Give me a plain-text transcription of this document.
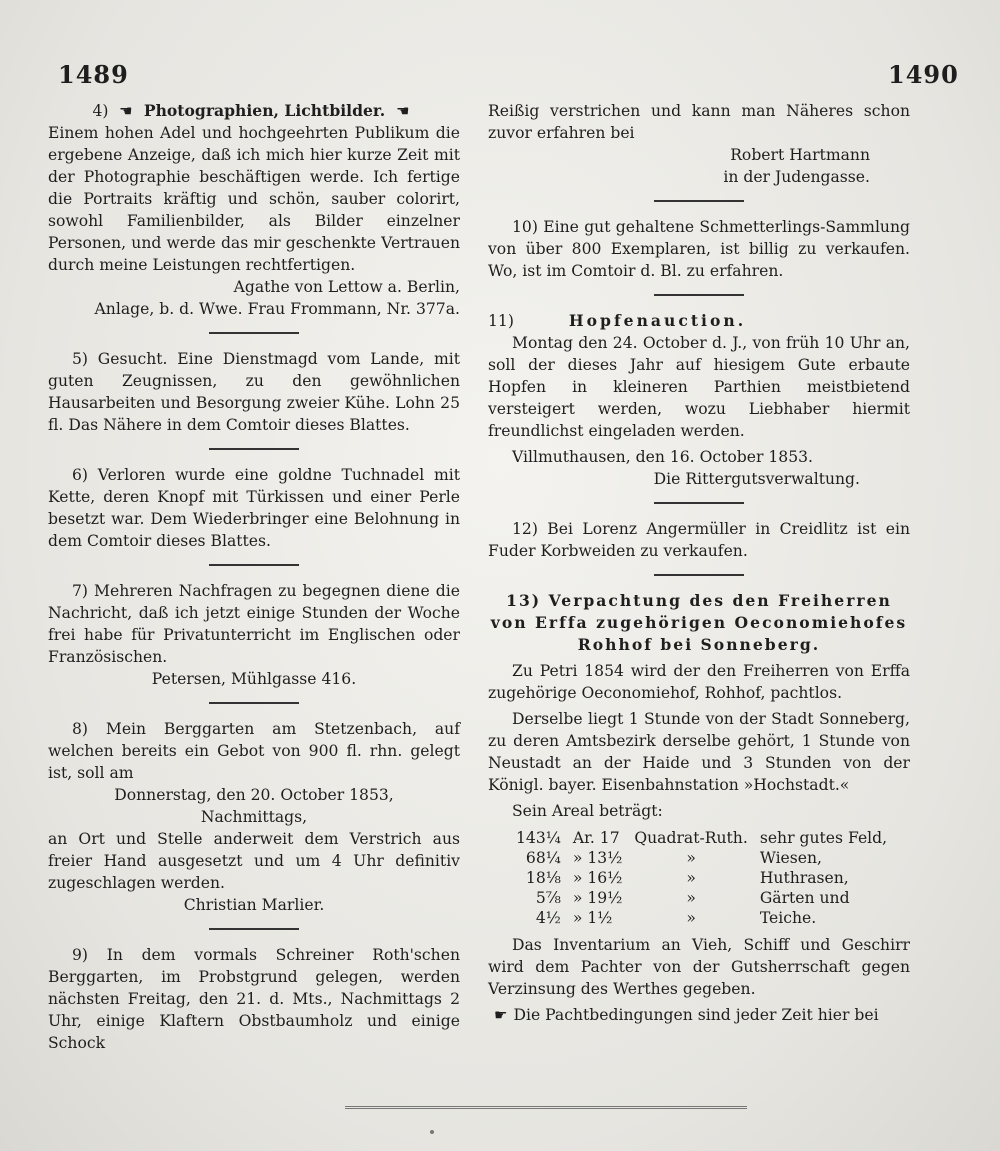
1489	1490
4) ☛ Photographien, Lichtbilder. ☛

Einem hohen Adel und hochgeehrten Publikum die ergebene Anzeige, daß ich mich hier kurze Zeit mit der Photographie beschäftigen werde. Ich fertige die Portraits kräftig und schön, sauber colorirt, sowohl Familienbilder, als Bilder einzelner Personen, und werde das mir geschenkte Vertrauen durch meine Leistungen rechtfertigen.

Agathe von Lettow a. Berlin,

Anlage, b. d. Wwe. Frau Frommann, Nr. 377a.

5) Gesucht. Eine Dienstmagd vom Lande, mit guten Zeugnissen, zu den gewöhnlichen Hausarbeiten und Besorgung zweier Kühe. Lohn 25 fl. Das Nähere in dem Comtoir dieses Blattes.

6) Verloren wurde eine goldne Tuchnadel mit Kette, deren Knopf mit Türkissen und einer Perle besetzt war. Dem Wiederbringer eine Belohnung in dem Comtoir dieses Blattes.

7) Mehreren Nachfragen zu begegnen diene die Nachricht, daß ich jetzt einige Stunden der Woche frei habe für Privatunterricht im Englischen oder Französischen.

Petersen, Mühlgasse 416.

8) Mein Berggarten am Stetzenbach, auf welchen bereits ein Gebot von 900 fl. rhn. gelegt ist, soll am

Donnerstag, den 20. October 1853,

Nachmittags,

an Ort und Stelle anderweit dem Verstrich aus freier Hand ausgesetzt und um 4 Uhr definitiv zugeschlagen werden.

Christian Marlier.

9) In dem vormals Schreiner Roth'schen Berggarten, im Probstgrund gelegen, werden nächsten Freitag, den 21. d. Mts., Nachmittags 2 Uhr, einige Klaftern Obstbaumholz und einige Schock

Reißig verstrichen und kann man Näheres schon zuvor erfahren bei

Robert Hartmann

in der Judengasse.

10) Eine gut gehaltene Schmetterlings-Sammlung von über 800 Exemplaren, ist billig zu verkaufen. Wo, ist im Comtoir d. Bl. zu erfahren.

11)	Hopfenauction.

Montag den 24. October d. J., von früh 10 Uhr an, soll der dieses Jahr auf hiesigem Gute erbaute Hopfen in kleineren Parthien meistbietend versteigert werden, wozu Liebhaber hiermit freundlichst eingeladen werden.

Villmuthausen, den 16. October 1853.

Die Rittergutsverwaltung.

12) Bei Lorenz Angermüller in Creidlitz ist ein Fuder Korbweiden zu verkaufen.

13) Verpachtung des den Freiherren von Erffa zugehörigen Oeconomiehofes Rohhof bei Sonneberg.

Zu Petri 1854 wird der den Freiherren von Erffa zugehörige Oeconomiehof, Rohhof, pachtlos.

Derselbe liegt 1 Stunde von der Stadt Sonneberg, zu deren Amtsbezirk derselbe gehört, 1 Stunde von Neustadt an der Haide und 3 Stunden von der Königl. bayer. Eisenbahnstation »Hochstadt.«

Sein Areal beträgt:

143¼	Ar. 17	Quadrat-Ruth.	sehr gutes Feld,
68¼	» 13½	»	Wiesen,
18⅛	» 16½	»	Huthrasen,
5⅞	» 19½	»	Gärten und
4½	» 1½	»	Teiche.

Das Inventarium an Vieh, Schiff und Geschirr wird dem Pachter von der Gutsherrschaft gegen Verzinsung des Werthes gegeben.

☛ Die Pachtbedingungen sind jeder Zeit hier bei
